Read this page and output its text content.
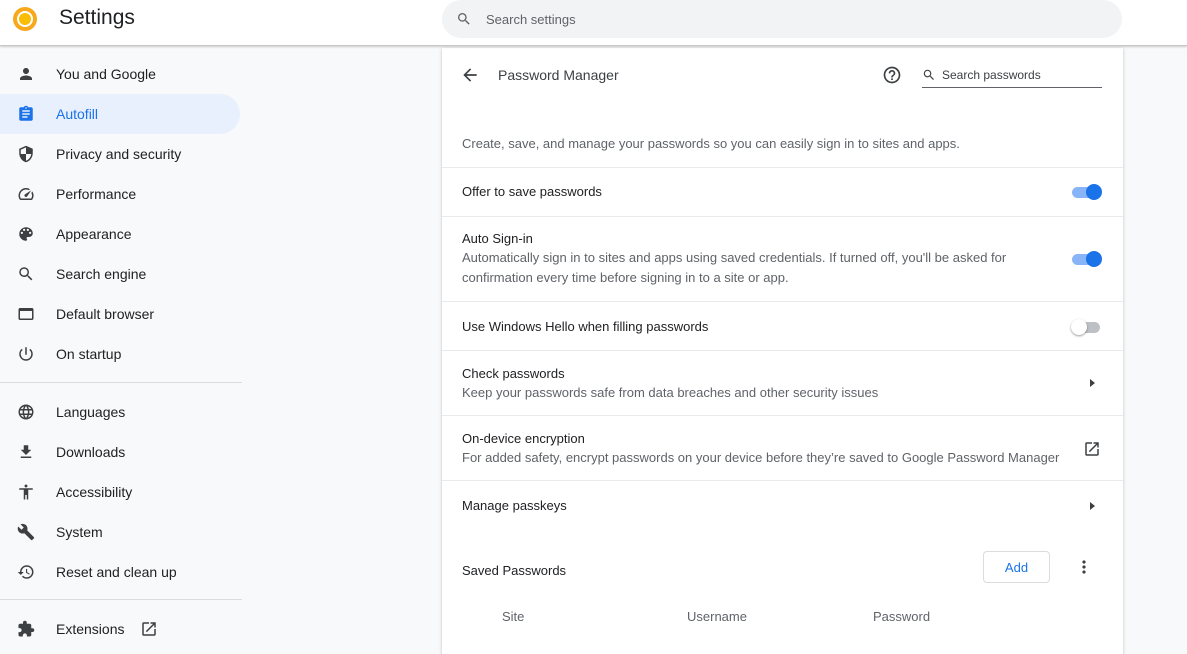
Settings
Search settings
You and Google
Autofill
Privacy and security
Performance
Appearance
Search engine
Default browser
On startup
Languages
Downloads
Accessibility
System
Reset and clean up
Extensions
Password Manager
Search passwords
Create, save, and manage your passwords so you can easily sign in to sites and apps.
Offer to save passwords
Auto Sign-in
Automatically sign in to sites and apps using saved credentials. If turned off, you'll be asked for
confirmation every time before signing in to a site or app.
Use Windows Hello when filling passwords
Check passwords
Keep your passwords safe from data breaches and other security issues
On-device encryption
For added safety, encrypt passwords on your device before they’re saved to Google Password Manager
Manage passkeys
Saved Passwords	Add
Site	Username	Password
